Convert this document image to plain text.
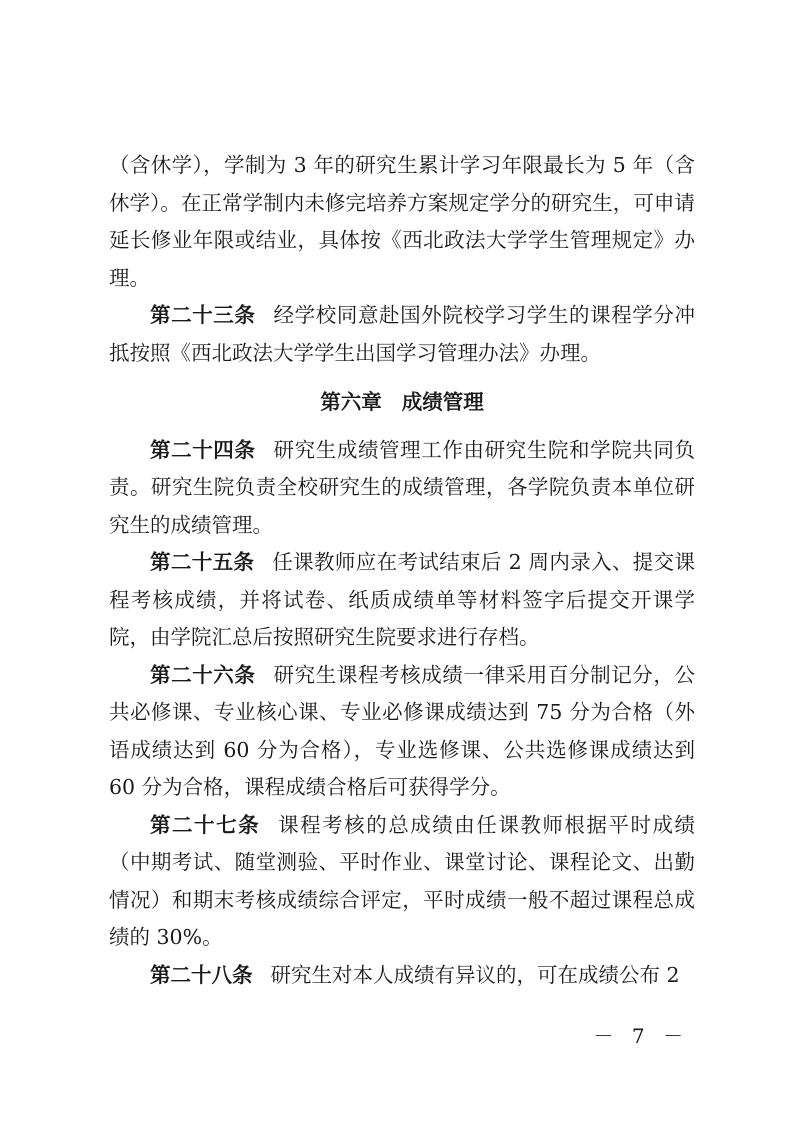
（含休学），学制为 3 年的研究生累计学习年限最长为 5 年（含休学）。在正常学制内未修完培养方案规定学分的研究生，可申请延长修业年限或结业，具体按《西北政法大学学生管理规定》办理。

第二十三条 经学校同意赴国外院校学习学生的课程学分冲抵按照《西北政法大学学生出国学习管理办法》办理。

第六章 成绩管理

第二十四条 研究生成绩管理工作由研究生院和学院共同负责。研究生院负责全校研究生的成绩管理，各学院负责本单位研究生的成绩管理。

第二十五条 任课教师应在考试结束后 2 周内录入、提交课程考核成绩，并将试卷、纸质成绩单等材料签字后提交开课学院，由学院汇总后按照研究生院要求进行存档。

第二十六条 研究生课程考核成绩一律采用百分制记分，公共必修课、专业核心课、专业必修课成绩达到 75 分为合格（外语成绩达到 60 分为合格），专业选修课、公共选修课成绩达到 60 分为合格，课程成绩合格后可获得学分。

第二十七条 课程考核的总成绩由任课教师根据平时成绩（中期考试、随堂测验、平时作业、课堂讨论、课程论文、出勤情况）和期末考核成绩综合评定，平时成绩一般不超过课程总成绩的 30%。

第二十八条 研究生对本人成绩有异议的，可在成绩公布 2

－ 7 －
